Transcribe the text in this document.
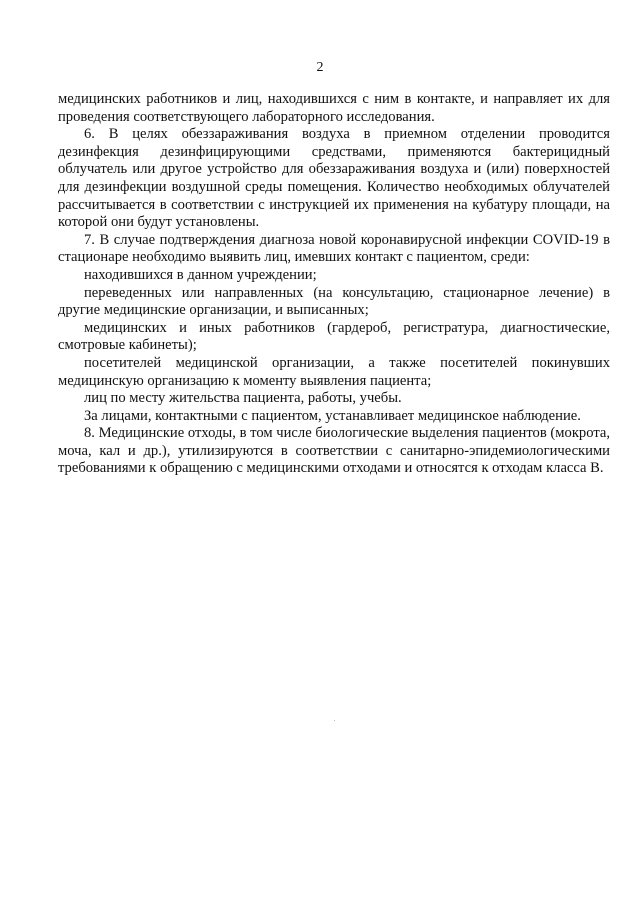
2

медицинских работников и лиц, находившихся с ним в контакте, и направляет их для проведения соответствующего лабораторного исследования.

6. В целях обеззараживания воздуха в приемном отделении проводится дезинфекция дезинфицирующими средствами, применяются бактерицидный облучатель или другое устройство для обеззараживания воздуха и (или) поверхностей для дезинфекции воздушной среды помещения. Количество необходимых облучателей рассчитывается в соответствии с инструкцией их применения на кубатуру площади, на которой они будут установлены.

7. В случае подтверждения диагноза новой коронавирусной инфекции COVID-19 в стационаре необходимо выявить лиц, имевших контакт с пациентом, среди:

находившихся в данном учреждении;

переведенных или направленных (на консультацию, стационарное лечение) в другие медицинские организации, и выписанных;

медицинских и иных работников (гардероб, регистратура, диагностические, смотровые кабинеты);

посетителей медицинской организации, а также посетителей покинувших медицинскую организацию к моменту выявления пациента;

лиц по месту жительства пациента, работы, учебы.

За лицами, контактными с пациентом, устанавливает медицинское наблюдение.

8. Медицинские отходы, в том числе биологические выделения пациентов (мокрота, моча, кал и др.), утилизируются в соответствии с санитарно-эпидемиологическими требованиями к обращению с медицинскими отходами и относятся к отходам класса В.
